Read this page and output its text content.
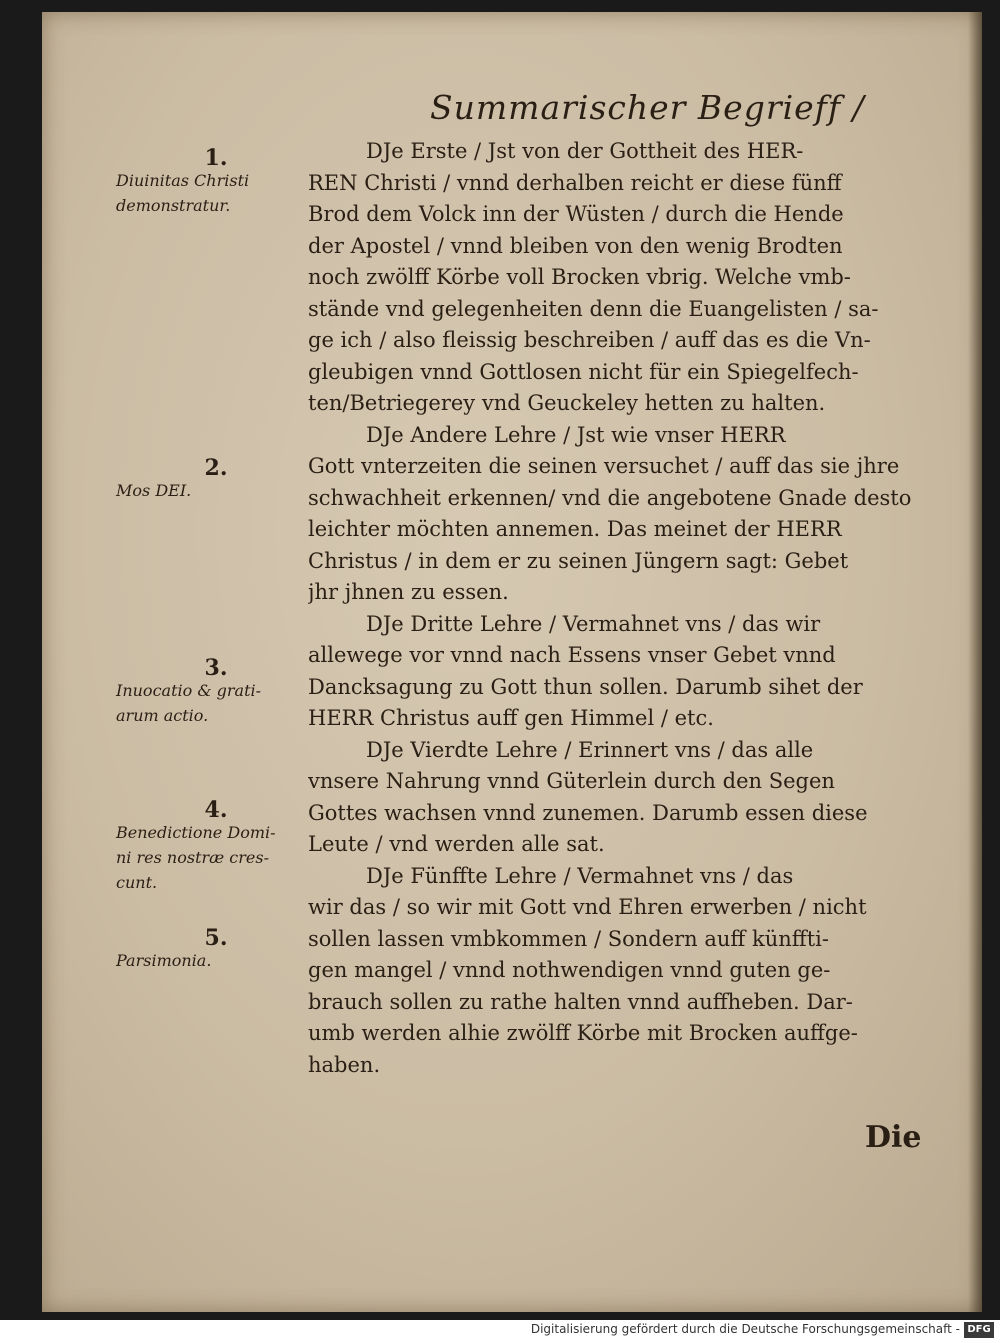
Summarischer Begrieff /
1.
Diuinitas Christi
demonstratur.
2.
Mos DEI.
3.
Inuocatio & grati-
arum actio.
4.
Benedictione Domi-
ni res nostræ cres-
cunt.
5.
Parsimonia.
DJe Erste / Jst von der Gottheit des HER-
REN Christi / vnnd derhalben reicht er diese fünff
Brod dem Volck inn der Wüsten / durch die Hende
der Apostel / vnnd bleiben von den wenig Brodten
noch zwölff Körbe voll Brocken vbrig. Welche vmb-
stände vnd gelegenheiten denn die Euangelisten / sa-
ge ich / also fleissig beschreiben / auff das es die Vn-
gleubigen vnnd Gottlosen nicht für ein Spiegelfech-
ten/Betriegerey vnd Geuckeley hetten zu halten.
DJe Andere Lehre / Jst wie vnser HERR
Gott vnterzeiten die seinen versuchet / auff das sie jhre
schwachheit erkennen/ vnd die angebotene Gnade desto
leichter möchten annemen. Das meinet der HERR
Christus / in dem er zu seinen Jüngern sagt: Gebet
jhr jhnen zu essen.
DJe Dritte Lehre / Vermahnet vns / das wir
allewege vor vnnd nach Essens vnser Gebet vnnd
Dancksagung zu Gott thun sollen. Darumb sihet der
HERR Christus auff gen Himmel / etc.
DJe Vierdte Lehre / Erinnert vns / das alle
vnsere Nahrung vnnd Güterlein durch den Segen
Gottes wachsen vnnd zunemen. Darumb essen diese
Leute / vnd werden alle sat.
DJe Fünffte Lehre / Vermahnet vns / das
wir das / so wir mit Gott vnd Ehren erwerben / nicht
sollen lassen vmbkommen / Sondern auff künffti-
gen mangel / vnnd nothwendigen vnnd guten ge-
brauch sollen zu rathe halten vnnd auffheben. Dar-
umb werden alhie zwölff Körbe mit Brocken auffge-
haben.
Die
Digitalisierung gefördert durch die Deutsche Forschungsgemeinschaft - DFG
